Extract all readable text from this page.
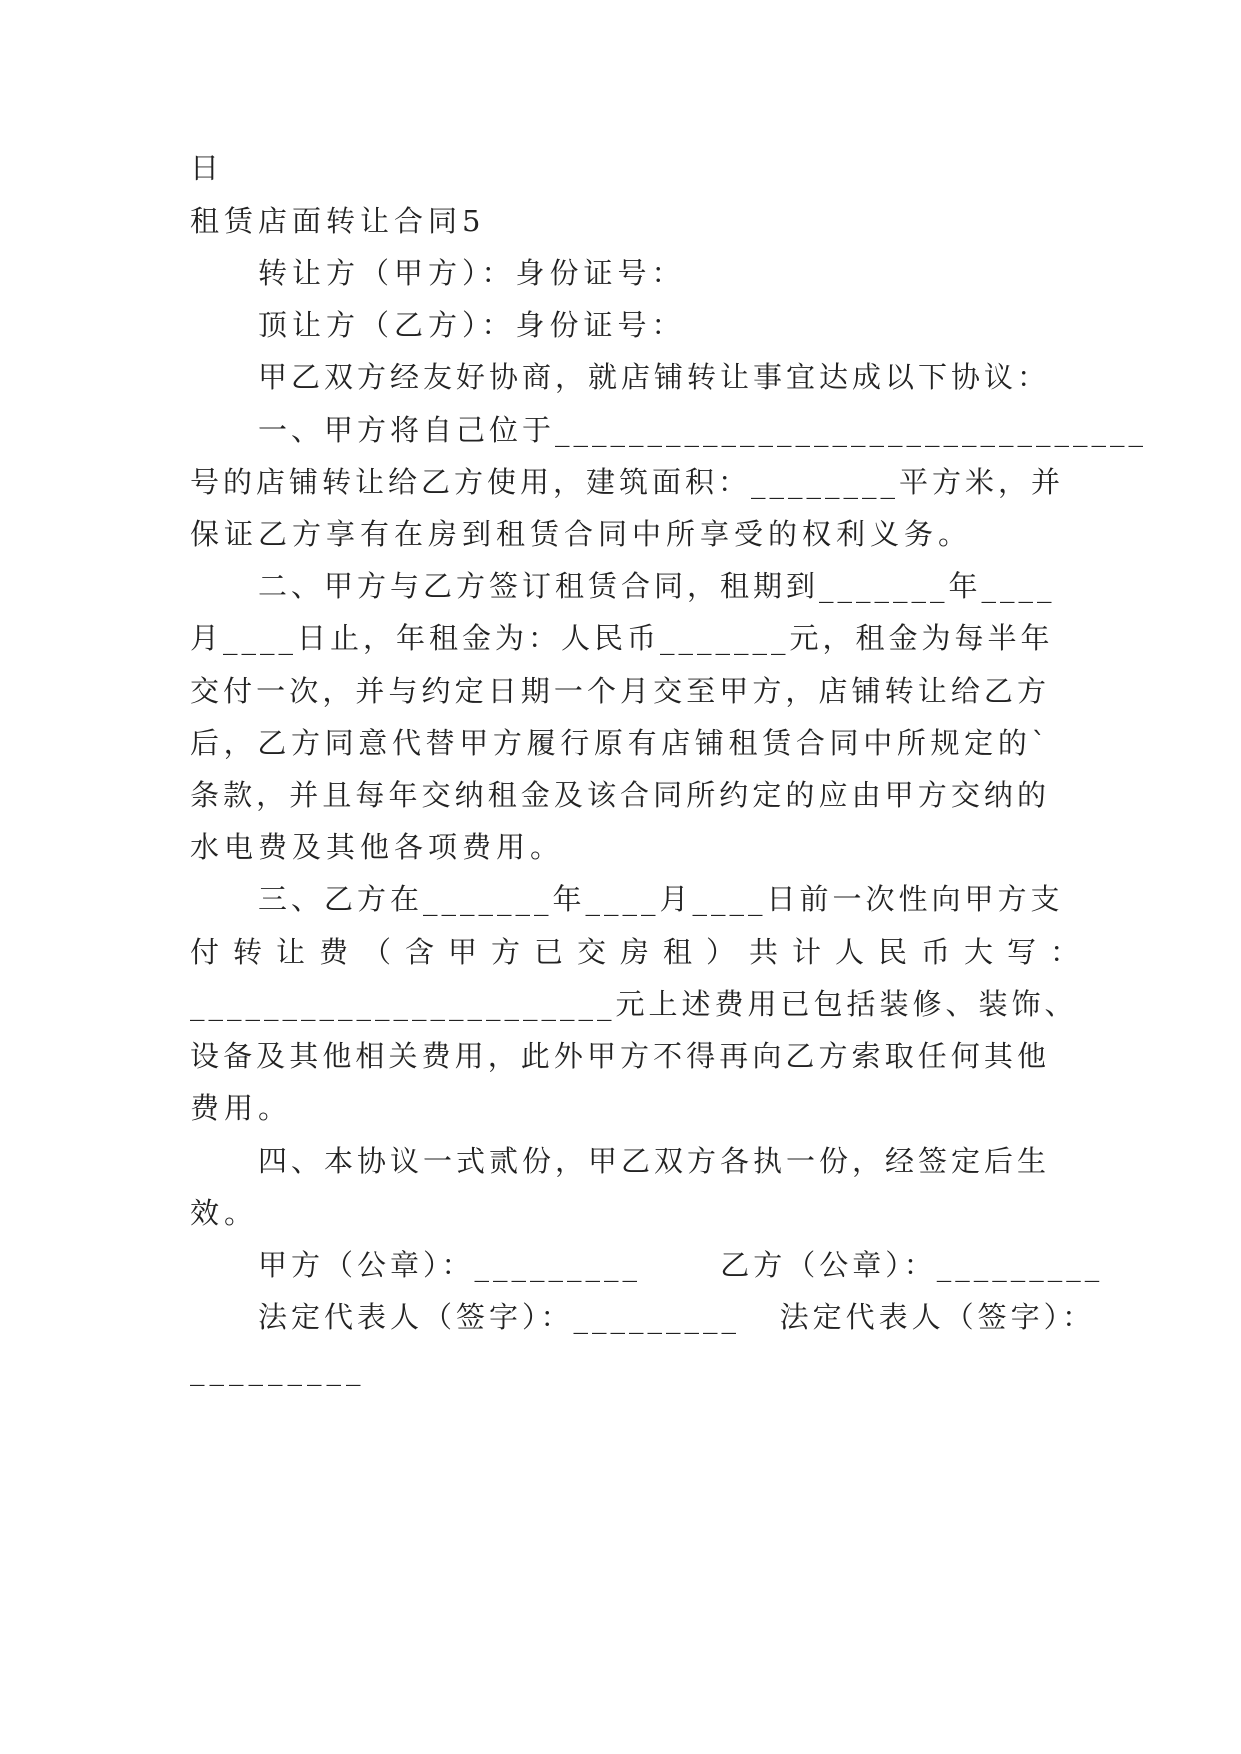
日
租赁店面转让合同5
转让方（甲方）：身份证号：
顶让方（乙方）：身份证号：
甲乙双方经友好协商，就店铺转让事宜达成以下协议：
一、甲方将自己位于________________________________
号的店铺转让给乙方使用，建筑面积：________平方米，并
保证乙方享有在房到租赁合同中所享受的权利义务。
二、甲方与乙方签订租赁合同，租期到_______年____
月____日止，年租金为：人民币_______元，租金为每半年
交付一次，并与约定日期一个月交至甲方，店铺转让给乙方
后，乙方同意代替甲方履行原有店铺租赁合同中所规定的`
条款，并且每年交纳租金及该合同所约定的应由甲方交纳的
水电费及其他各项费用。
三、乙方在_______年____月____日前一次性向甲方支
付转让费（含甲方已交房租）共计人民币大写：
_______________________元上述费用已包括装修、装饰、
设备及其他相关费用，此外甲方不得再向乙方索取任何其他
费用。
四、本协议一式贰份，甲乙双方各执一份，经签定后生
效。
甲方（公章）：_________      乙方（公章）：_________
法定代表人（签字）：_________   法定代表人（签字）：
_________
